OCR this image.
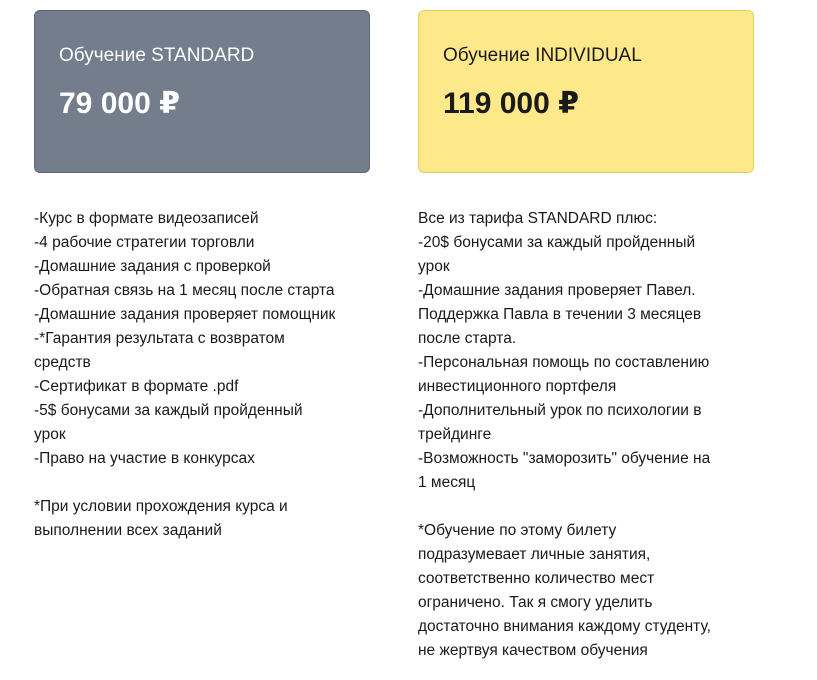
Обучение STANDARD
79 000 ₽
-Курс в формате видеозаписей
-4 рабочие стратегии торговли
-Домашние задания с проверкой
-Обратная связь на 1 месяц после старта
-Домашние задания проверяет помощник
-*Гарантия результата с возвратом
средств
-Сертификат в формате .pdf
-5$ бонусами за каждый пройденный
урок
-Право на участие в конкурсах
*При условии прохождения курса и
выполнении всех заданий
Обучение INDIVIDUAL
119 000 ₽
Все из тарифа STANDARD плюс:
-20$ бонусами за каждый пройденный
урок
-Домашние задания проверяет Павел.
Поддержка Павла в течении 3 месяцев
после старта.
-Персональная помощь по составлению
инвестиционного портфеля
-Дополнительный урок по психологии в
трейдинге
-Возможность "заморозить" обучение на
1 месяц
*Обучение по этому билету
подразумевает личные занятия,
соответственно количество мест
ограничено. Так я смогу уделить
достаточно внимания каждому студенту,
не жертвуя качеством обучения
